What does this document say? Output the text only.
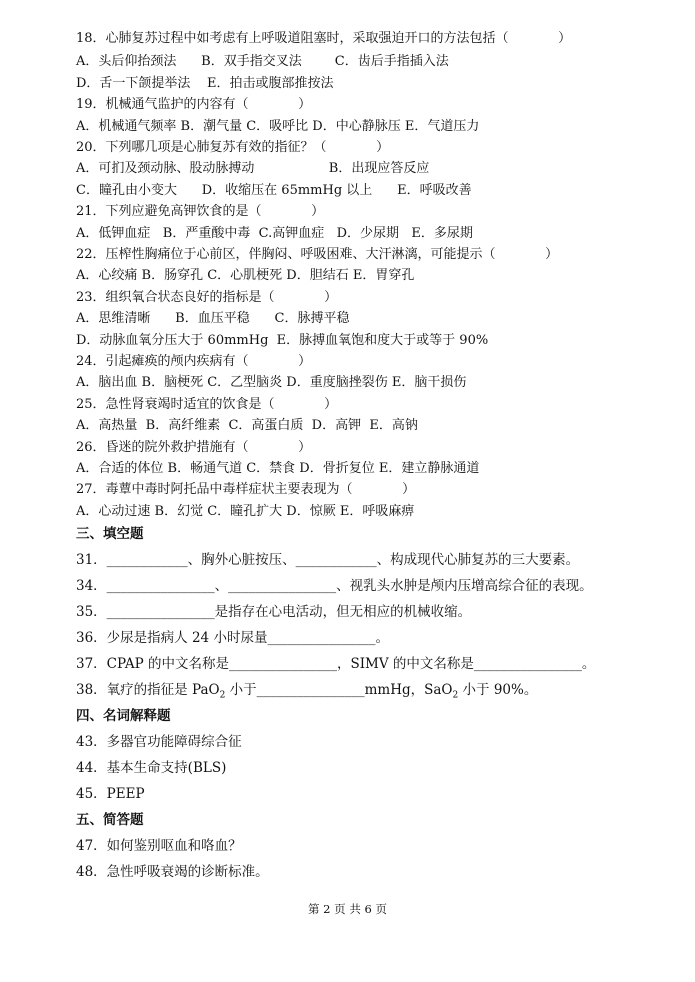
18．心肺复苏过程中如考虑有上呼吸道阻塞时，采取强迫开口的方法包括（            ）
A．头后仰抬颈法      B．双手指交叉法        C．齿后手指插入法
D．舌一下颌提举法    E．拍击或腹部推按法
19．机械通气监护的内容有（            ）
A．机械通气频率 B．潮气量 C．吸呼比 D．中心静脉压 E．气道压力
20．下列哪几项是心肺复苏有效的指征？（            ）
A．可扪及颈动脉、股动脉搏动                  B．出现应答反应
C．瞳孔由小变大      D．收缩压在 65mmHg 以上      E．呼吸改善
21．下列应避免高钾饮食的是（            ）
A．低钾血症   B．严重酸中毒  C.高钾血症   D．少尿期   E．多尿期
22．压榨性胸痛位于心前区，伴胸闷、呼吸困难、大汗淋漓，可能提示（            ）
A．心绞痛 B．肠穿孔 C．心肌梗死 D．胆结石 E．胃穿孔
23．组织氧合状态良好的指标是（            ）
A．思维清晰      B．血压平稳      C．脉搏平稳
D．动脉血氧分压大于 60mmHg  E．脉搏血氧饱和度大于或等于 90%
24．引起瘫痪的颅内疾病有（            ）
A．脑出血 B．脑梗死 C．乙型脑炎 D．重度脑挫裂伤 E．脑干损伤
25．急性肾衰竭时适宜的饮食是（            ）
A．高热量  B．高纤维素  C．高蛋白质  D．高钾  E．高钠
26．昏迷的院外救护措施有（            ）
A．合适的体位 B．畅通气道 C．禁食 D．骨折复位 E．建立静脉通道
27．毒蕈中毒时阿托品中毒样症状主要表现为（            ）
A．心动过速 B．幻觉 C．瞳孔扩大 D．惊厥 E．呼吸麻痹
三、填空题
31．____________、胸外心脏按压、____________、构成现代心肺复苏的三大要素。
34．________________、________________、视乳头水肿是颅内压增高综合征的表现。
35．________________是指存在心电活动，但无相应的机械收缩。
36．少尿是指病人 24 小时尿量________________。
37．CPAP 的中文名称是________________，SIMV 的中文名称是________________。
38．氧疗的指征是 PaO$_2$ 小于________________mmHg，SaO$_2$ 小于 90%。
四、名词解释题
43．多器官功能障碍综合征
44．基本生命支持(BLS)
45．PEEP
五、简答题
47．如何鉴别呕血和咯血？
48．急性呼吸衰竭的诊断标准。
第 2 页 共 6 页
